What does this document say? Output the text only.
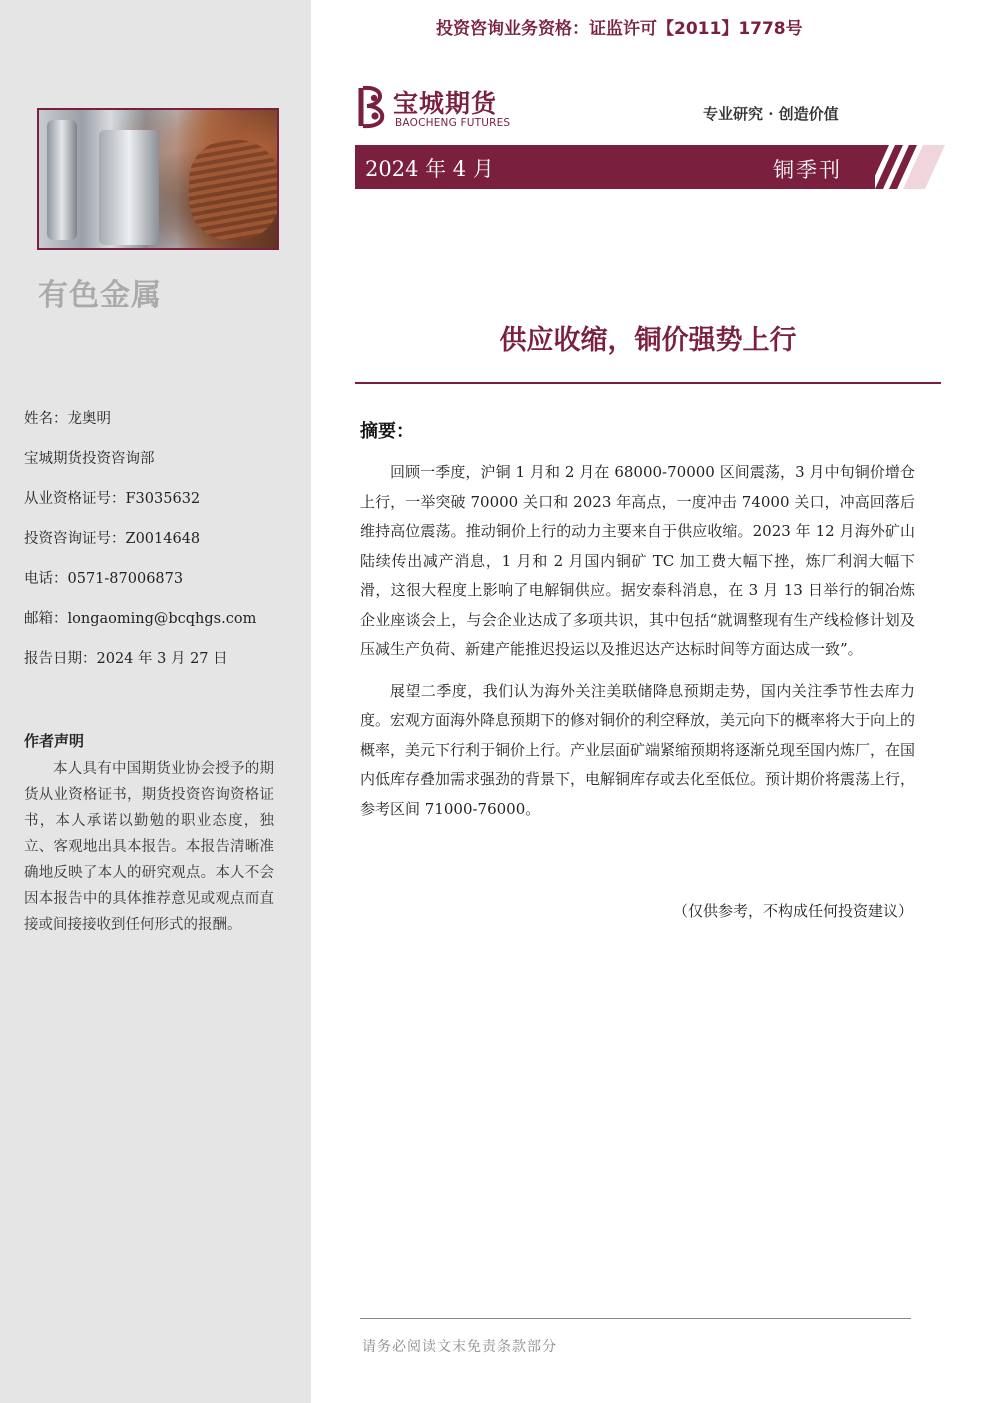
有色金属
姓名：龙奥明
宝城期货投资咨询部
从业资格证号：F3035632
投资咨询证号：Z0014648
电话：0571-87006873
邮箱：longaoming@bcqhgs.com
报告日期：2024 年 3 月 27 日
作者声明
本人具有中国期货业协会授予的期货从业资格证书，期货投资咨询资格证书，本人承诺以勤勉的职业态度，独立、客观地出具本报告。本报告清晰准确地反映了本人的研究观点。本人不会因本报告中的具体推荐意见或观点而直接或间接接收到任何形式的报酬。
投资咨询业务资格：证监许可【2011】1778号
宝城期货
BAOCHENG FUTURES	专业研究 · 创造价值
2024 年 4 月	铜季刊
供应收缩，铜价强势上行
摘要：

回顾一季度，沪铜 1 月和 2 月在 68000-70000 区间震荡，3 月中旬铜价增仓上行，一举突破 70000 关口和 2023 年高点，一度冲击 74000 关口，冲高回落后维持高位震荡。推动铜价上行的动力主要来自于供应收缩。2023 年 12 月海外矿山陆续传出减产消息，1 月和 2 月国内铜矿 TC 加工费大幅下挫，炼厂利润大幅下滑，这很大程度上影响了电解铜供应。据安泰科消息，在 3 月 13 日举行的铜冶炼企业座谈会上，与会企业达成了多项共识，其中包括“就调整现有生产线检修计划及压减生产负荷、新建产能推迟投运以及推迟达产达标时间等方面达成一致”。

展望二季度，我们认为海外关注美联储降息预期走势，国内关注季节性去库力度。宏观方面海外降息预期下的修对铜价的利空释放，美元向下的概率将大于向上的概率，美元下行利于铜价上行。产业层面矿端紧缩预期将逐渐兑现至国内炼厂，在国内低库存叠加需求强劲的背景下，电解铜库存或去化至低位。预计期价将震荡上行，参考区间 71000-76000。

（仅供参考，不构成任何投资建议）
请务必阅读文末免责条款部分
